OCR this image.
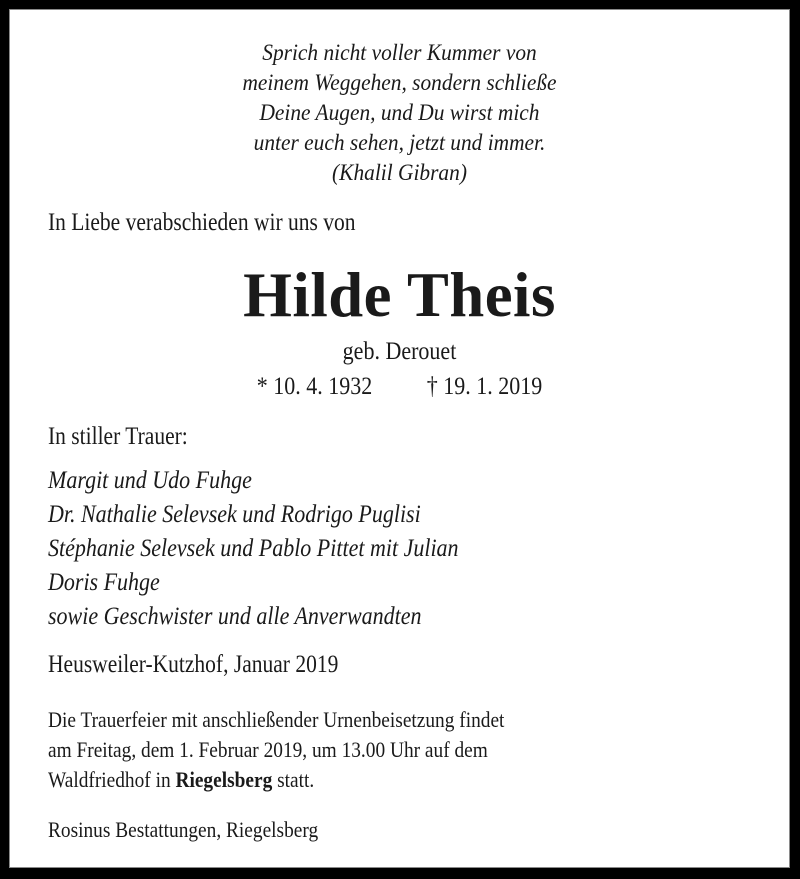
Sprich nicht voller Kummer von
meinem Weggehen, sondern schließe
Deine Augen, und Du wirst mich
unter euch sehen, jetzt und immer.
(Khalil Gibran)
In Liebe verabschieden wir uns von
Hilde Theis
geb. Derouet
* 10. 4. 1932 † 19. 1. 2019
In stiller Trauer:
Margit und Udo Fuhge
Dr. Nathalie Selevsek und Rodrigo Puglisi
Stéphanie Selevsek und Pablo Pittet mit Julian
Doris Fuhge
sowie Geschwister und alle Anverwandten
Heusweiler-Kutzhof, Januar 2019
Die Trauerfeier mit anschließender Urnenbeisetzung findet
am Freitag, dem 1. Februar 2019, um 13.00 Uhr auf dem
Waldfriedhof in Riegelsberg statt.
Rosinus Bestattungen, Riegelsberg
